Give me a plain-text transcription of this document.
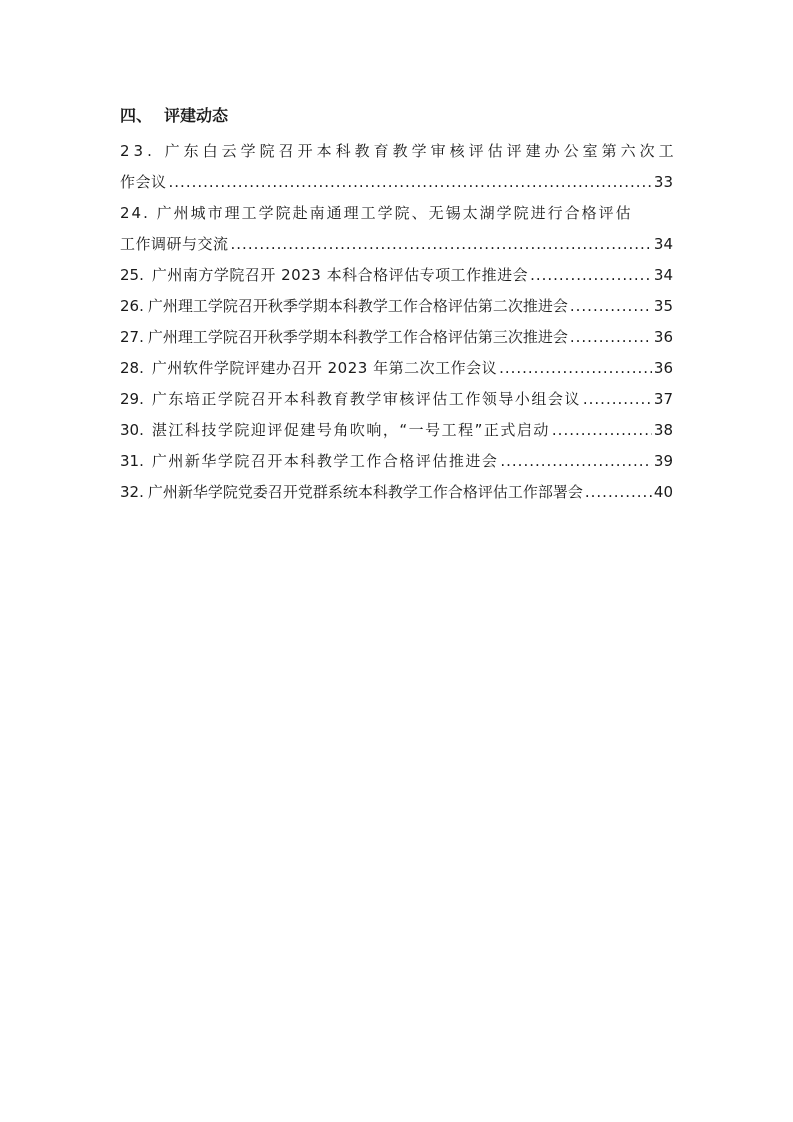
四、 评建动态
23. 广东白云学院召开本科教育教学审核评估评建办公室第六次工
作会议 .....	33
24. 广州城市理工学院赴南通理工学院、无锡太湖学院进行合格评估
工作调研与交流 .....	34
25. 广州南方学院召开 2023 本科合格评估专项工作推进会 .....	34
26. 广州理工学院召开秋季学期本科教学工作合格评估第二次推进会 .....	35
27. 广州理工学院召开秋季学期本科教学工作合格评估第三次推进会 .....	36
28. 广州软件学院评建办召开 2023 年第二次工作会议 .....	36
29. 广东培正学院召开本科教育教学审核评估工作领导小组会议 .....	37
30. 湛江科技学院迎评促建号角吹响，“一号工程”正式启动 .....	38
31. 广州新华学院召开本科教学工作合格评估推进会 .....	39
32. 广州新华学院党委召开党群系统本科教学工作合格评估工作部署会 .....	40
